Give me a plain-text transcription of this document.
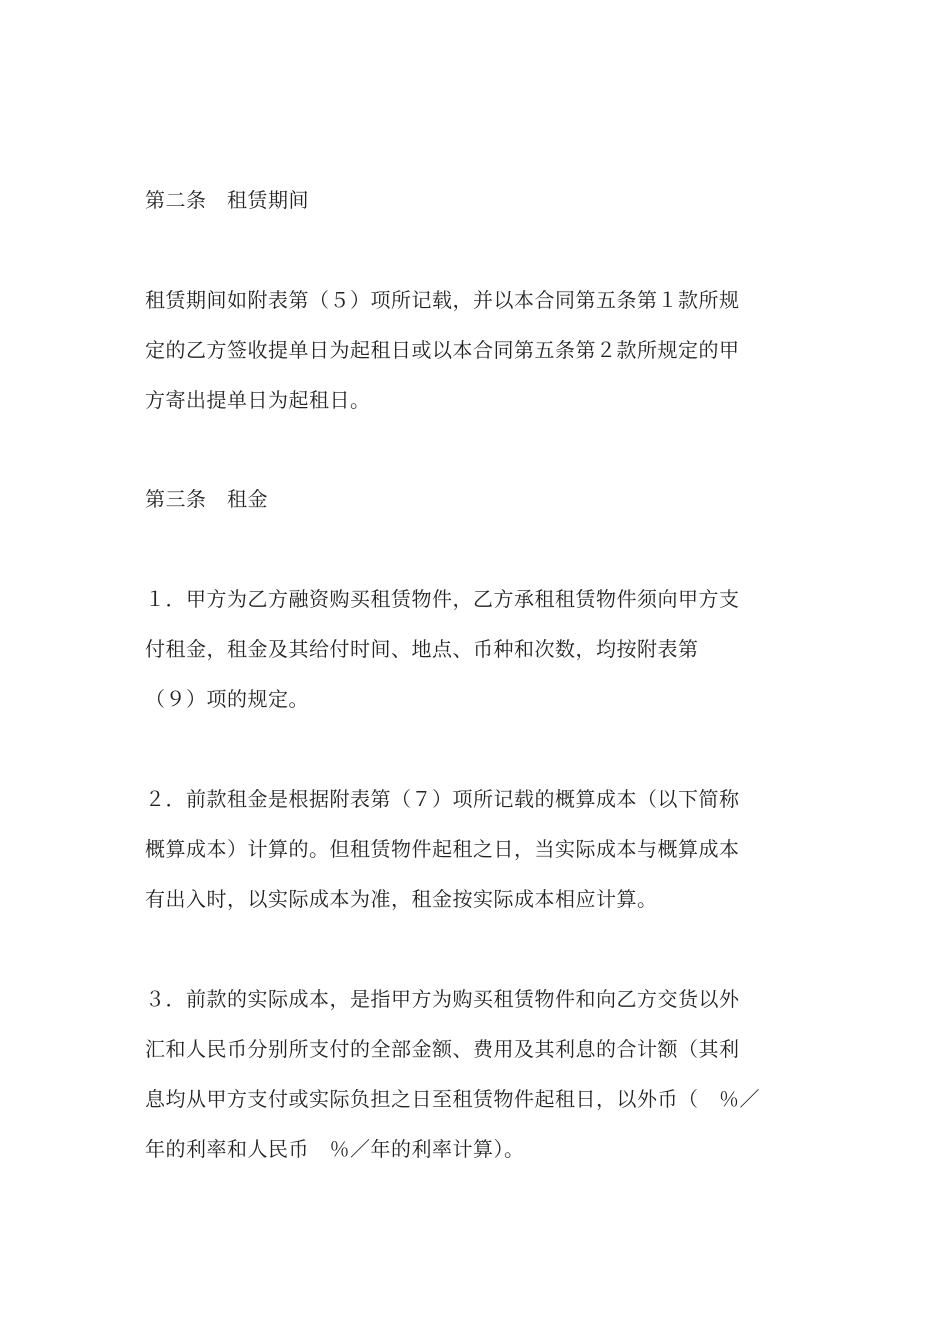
第二条　租赁期间
租赁期间如附表第（５）项所记载，并以本合同第五条第１款所规
定的乙方签收提单日为起租日或以本合同第五条第２款所规定的甲
方寄出提单日为起租日。
第三条　租金
１．甲方为乙方融资购买租赁物件，乙方承租租赁物件须向甲方支
付租金，租金及其给付时间、地点、币种和次数，均按附表第
（９）项的规定。
２．前款租金是根据附表第（７）项所记载的概算成本（以下简称
概算成本）计算的。但租赁物件起租之日，当实际成本与概算成本
有出入时，以实际成本为准，租金按实际成本相应计算。
３．前款的实际成本，是指甲方为购买租赁物件和向乙方交货以外
汇和人民币分别所支付的全部金额、费用及其利息的合计额（其利
息均从甲方支付或实际负担之日至租赁物件起租日，以外币（　％／
年的利率和人民币　％／年的利率计算）。
